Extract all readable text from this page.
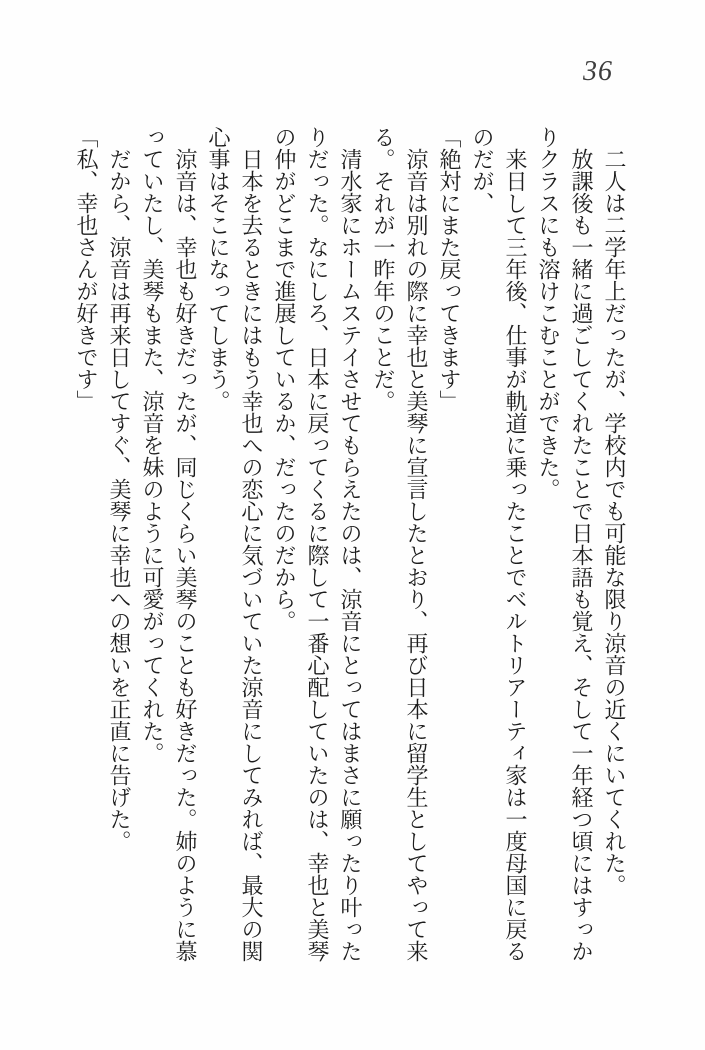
36
二人は二学年上だったが、学校内でも可能な限り涼音の近くにいてくれた。
放課後も一緒に過ごしてくれたことで日本語も覚え、そして一年経つ頃にはすっか
りクラスにも溶けこむことができた。
来日して三年後、仕事が軌道に乗ったことでベルトリアーティ家は一度母国に戻る
のだが、
「絶対にまた戻ってきます」
涼音は別れの際に幸也と美琴に宣言したとおり、再び日本に留学生としてやって来
る。それが一昨年のことだ。
清水家にホームステイさせてもらえたのは、涼音にとってはまさに願ったり叶った
りだった。なにしろ、日本に戻ってくるに際して一番心配していたのは、幸也と美琴
の仲がどこまで進展しているか、だったのだから。
日本を去るときにはもう幸也への恋心に気づいていた涼音にしてみれば、最大の関
心事はそこになってしまう。
涼音は、幸也も好きだったが、同じくらい美琴のことも好きだった。姉のように慕
っていたし、美琴もまた、涼音を妹のように可愛がってくれた。
だから、涼音は再来日してすぐ、美琴に幸也への想いを正直に告げた。
「私、幸也さんが好きです」
